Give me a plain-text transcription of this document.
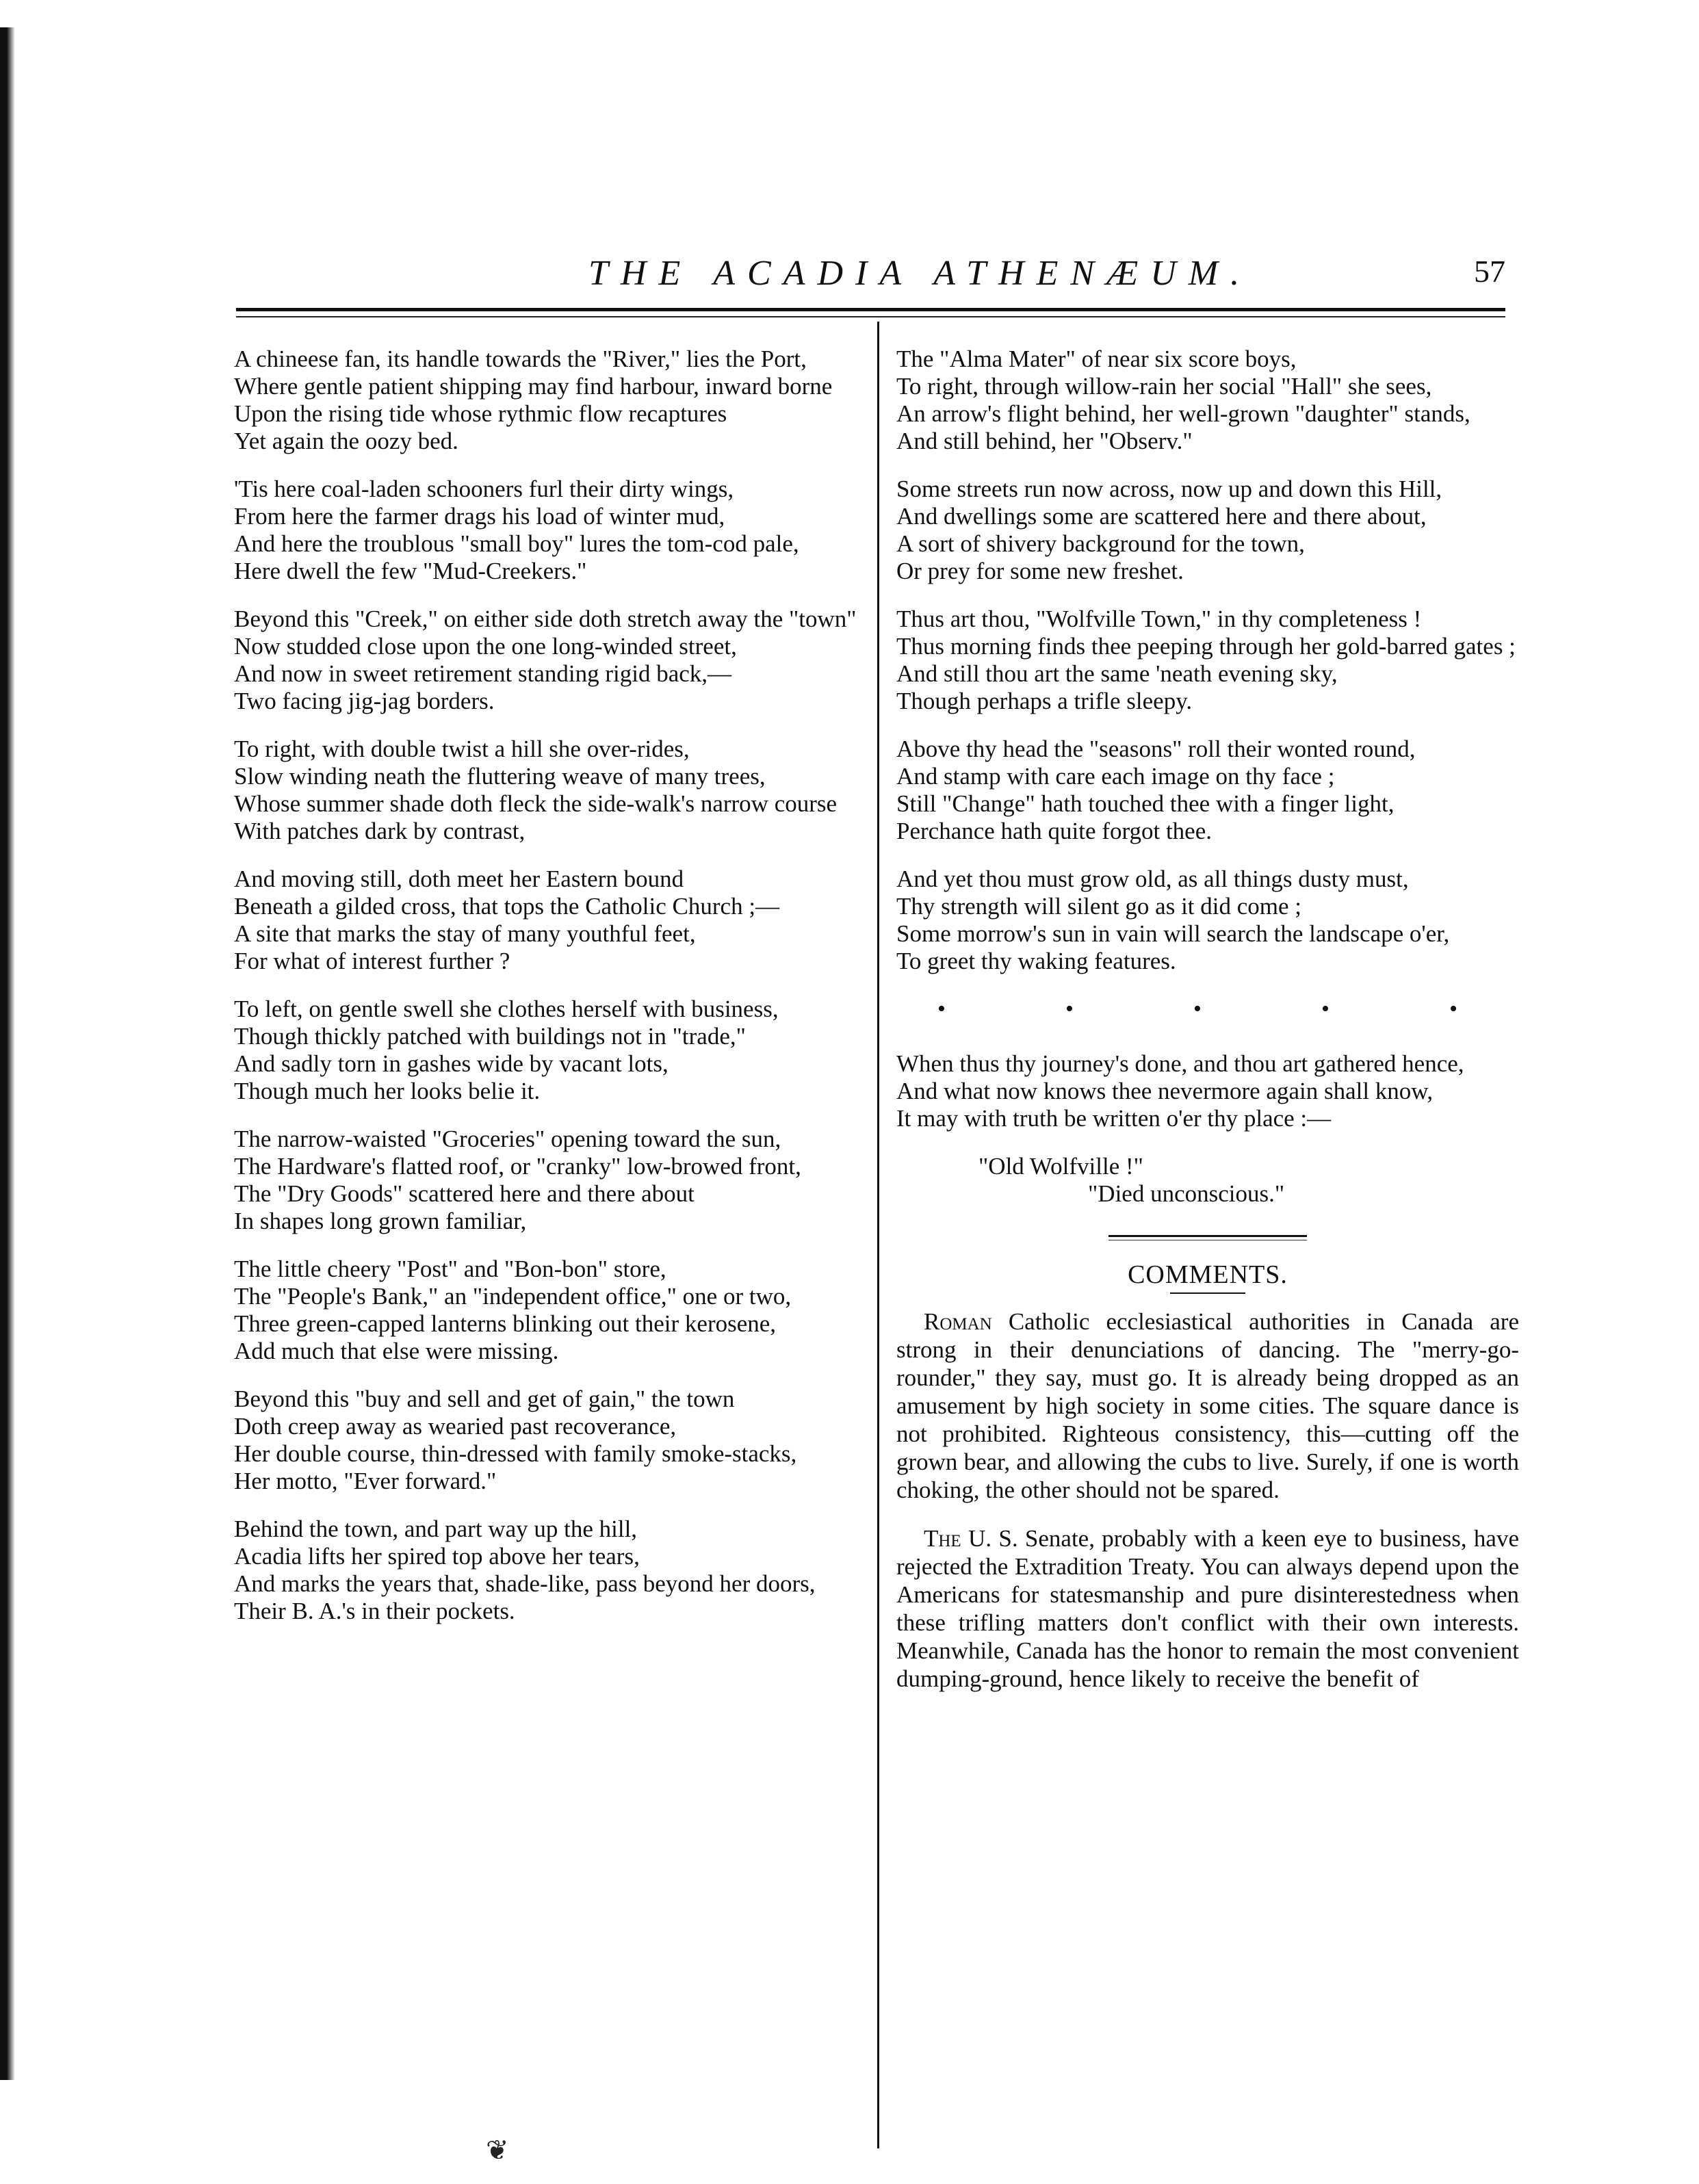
THE ACADIA ATHENÆUM.	57
A chineese fan, its handle towards the "River," lies the Port,
Where gentle patient shipping may find harbour, inward borne
Upon the rising tide whose rythmic flow recaptures
Yet again the oozy bed.
'Tis here coal-laden schooners furl their dirty wings,
From here the farmer drags his load of winter mud,
And here the troublous "small boy" lures the tom-cod pale,
Here dwell the few "Mud-Creekers."
Beyond this "Creek," on either side doth stretch away the "town"
Now studded close upon the one long-winded street,
And now in sweet retirement standing rigid back,—
Two facing jig-jag borders.
To right, with double twist a hill she over-rides,
Slow winding neath the fluttering weave of many trees,
Whose summer shade doth fleck the side-walk's narrow course
With patches dark by contrast,
And moving still, doth meet her Eastern bound
Beneath a gilded cross, that tops the Catholic Church ;—
A site that marks the stay of many youthful feet,
For what of interest further ?
To left, on gentle swell she clothes herself with business,
Though thickly patched with buildings not in "trade,"
And sadly torn in gashes wide by vacant lots,
Though much her looks belie it.
The narrow-waisted "Groceries" opening toward the sun,
The Hardware's flatted roof, or "cranky" low-browed front,
The "Dry Goods" scattered here and there about
In shapes long grown familiar,
The little cheery "Post" and "Bon-bon" store,
The "People's Bank," an "independent office," one or two,
Three green-capped lanterns blinking out their kerosene,
Add much that else were missing.
Beyond this "buy and sell and get of gain," the town
Doth creep away as wearied past recoverance,
Her double course, thin-dressed with family smoke-stacks,
Her motto, "Ever forward."
Behind the town, and part way up the hill,
Acadia lifts her spired top above her tears,
And marks the years that, shade-like, pass beyond her doors,
Their B. A.'s in their pockets.
The "Alma Mater" of near six score boys,
To right, through willow-rain her social "Hall" she sees,
An arrow's flight behind, her well-grown "daughter" stands,
And still behind, her "Observ."
Some streets run now across, now up and down this Hill,
And dwellings some are scattered here and there about,
A sort of shivery background for the town,
Or prey for some new freshet.
Thus art thou, "Wolfville Town," in thy completeness !
Thus morning finds thee peeping through her gold-barred gates ;
And still thou art the same 'neath evening sky,
Though perhaps a trifle sleepy.
Above thy head the "seasons" roll their wonted round,
And stamp with care each image on thy face ;
Still "Change" hath touched thee with a finger light,
Perchance hath quite forgot thee.
And yet thou must grow old, as all things dusty must,
Thy strength will silent go as it did come ;
Some morrow's sun in vain will search the landscape o'er,
To greet thy waking features.
•	•	•	•	•
When thus thy journey's done, and thou art gathered hence,
And what now knows thee nevermore again shall know,
It may with truth be written o'er thy place :—
"Old Wolfville !"
"Died unconscious."
COMMENTS.

Roman Catholic ecclesiastical authorities in Canada are strong in their denunciations of dancing. The "merry-go-rounder," they say, must go. It is already being dropped as an amusement by high society in some cities. The square dance is not prohibited. Righteous consistency, this—cutting off the grown bear, and allowing the cubs to live. Surely, if one is worth choking, the other should not be spared.

The U. S. Senate, probably with a keen eye to business, have rejected the Extradition Treaty. You can always depend upon the Americans for statesmanship and pure disinterestedness when these trifling matters don't conflict with their own interests. Meanwhile, Canada has the honor to remain the most convenient dumping-ground, hence likely to receive the benefit of

❦
